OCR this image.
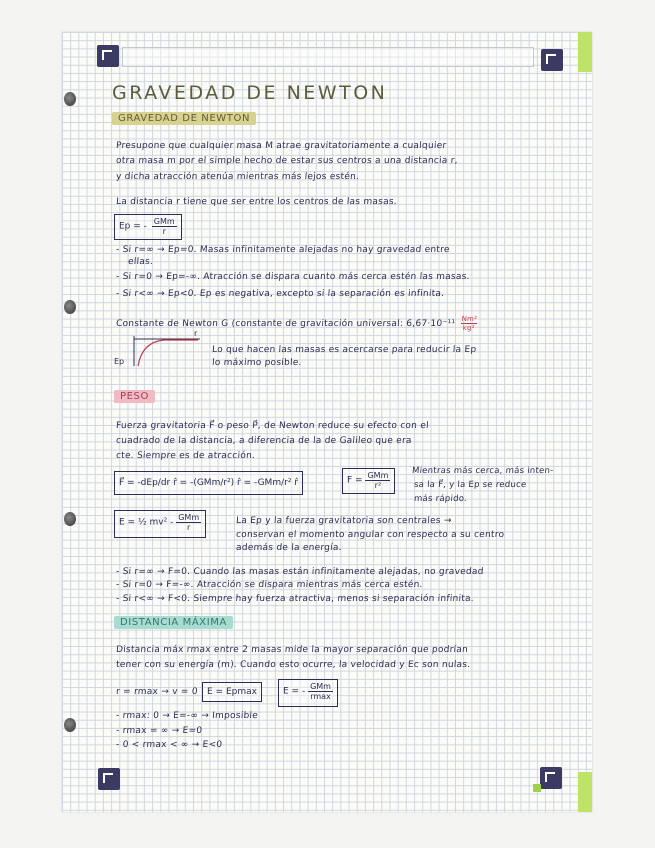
GRAVEDAD DE NEWTON
GRAVEDAD DE NEWTON
Presupone que cualquier masa M atrae gravitatoriamente a cualquier
otra masa m por el simple hecho de estar sus centros a una distancia r,
y dicha atracción atenúa mientras más lejos estén.
La distancia r tiene que ser entre los centros de las masas.
Ep = - GMm
r
- Si r=∞ → Ep=0. Masas infinitamente alejadas no hay gravedad entre
ellas.
- Si r=0 → Ep=-∞. Atracción se dispara cuanto más cerca estén las masas.
- Si r<∞ → Ep<0. Ep es negativa, excepto si la separación es infinita.
Constante de Newton G (constante de gravitación universal: $6,67\cdot 10^{-11} \frac{\text{Nm²}}{\text{kg²}}$
Ep
r
Lo que hacen las masas es acercarse para reducir la Ep
lo máximo posible.
PESO
Fuerza gravitatoria F⃗ o peso P⃗, de Newton reduce su efecto con el
cuadrado de la distancia, a diferencia de la de Galileo que era
cte. Siempre es de atracción.
F⃗ = -dEp/dr r̂ = -(GMm/r²) r̂ = -GMm/r² r̂	F = GMm
r²
Mientras más cerca, más inten-
sa la F⃗, y la Ep se reduce
más rápido.
E = ½ mv² - GMm
r
La Ep y la fuerza gravitatoria son centrales →
conservan el momento angular con respecto a su centro
además de la energía.
- Si r=∞ → F=0. Cuando las masas están infinitamente alejadas, no gravedad
- Si r=0 → F=-∞. Atracción se dispara mientras más cerca estén.
- Si r<∞ → F<0. Siempre hay fuerza atractiva, menos si separación infinita.
DISTANCIA MÁXIMA
Distancia máx rmax entre 2 masas mide la mayor separación que podrían
tener con su energía (m). Cuando esto ocurre, la velocidad y Ec son nulas.
r = rmax → v = 0 E = Epmax	E = - GMm
rmax
- rmax: 0 → E=-∞ → Imposible
- rmax = ∞ → E=0
- 0 < rmax < ∞ → E<0
